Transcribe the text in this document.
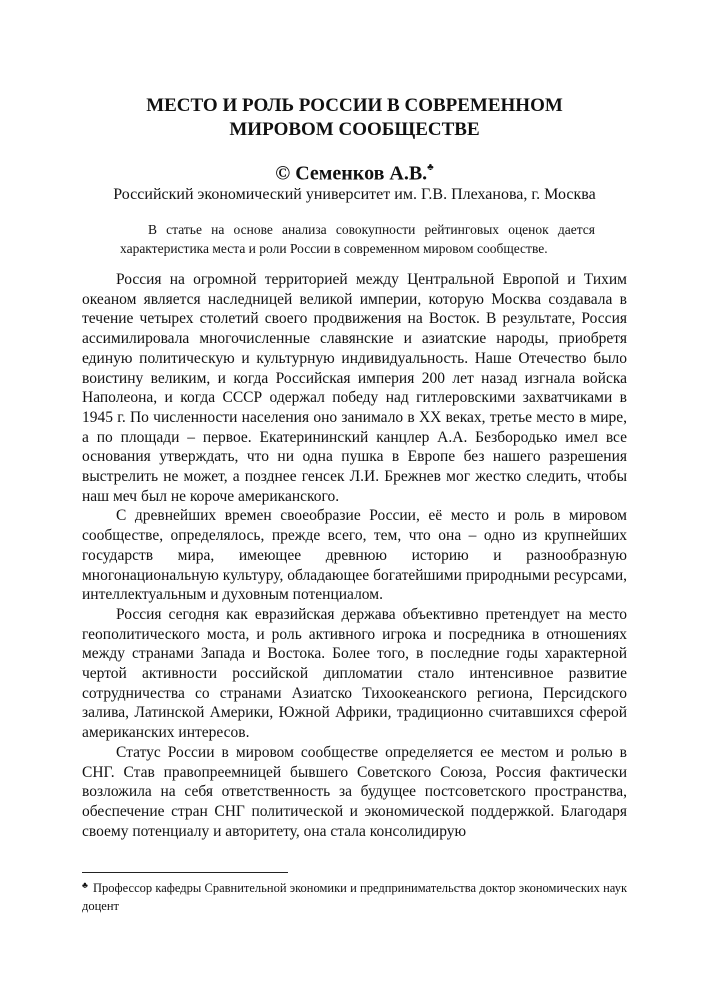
МЕСТО И РОЛЬ РОССИИ В СОВРЕМЕННОМ
МИРОВОМ СООБЩЕСТВЕ
© Семенков А.В.♣
Российский экономический университет им. Г.В. Плеханова, г. Москва
В статье на основе анализа совокупности рейтинговых оценок дается характеристика места и роли России в современном мировом сообществе.

Россия на огромной территорией между Центральной Европой и Тихим океаном является наследницей великой империи, которую Москва создавала в течение четырех столетий своего продвижения на Восток. В результате, Россия ассимилировала многочисленные славянские и азиатские народы, приобретя единую политическую и культурную индивидуальность. Наше Отечество было воистину великим, и когда Российская империя 200 лет назад изгнала войска Наполеона, и когда СССР одержал победу над гитлеровскими захватчиками в 1945 г. По численности населения оно занимало в XX веках, третье место в мире, а по площади – первое. Екатерининский канцлер А.А. Безбородько имел все основания утверждать, что ни одна пушка в Европе без нашего разрешения выстрелить не может, а позднее генсек Л.И. Брежнев мог жестко следить, чтобы наш меч был не короче американского.

С древнейших времен своеобразие России, её место и роль в мировом сообществе, определялось, прежде всего, тем, что она – одно из крупнейших государств мира, имеющее древнюю историю и разнообразную многонациональную культуру, обладающее богатейшими природными ресурсами, интеллектуальным и духовным потенциалом.

Россия сегодня как евразийская держава объективно претендует на место геополитического моста, и роль активного игрока и посредника в отношениях между странами Запада и Востока. Более того, в последние годы характерной чертой активности российской дипломатии стало интенсивное развитие сотрудничества со странами Азиатско Тихоокеанского региона, Персидского залива, Латинской Америки, Южной Африки, традиционно считавшихся сферой американских интересов.

Статус России в мировом сообществе определяется ее местом и ролью в СНГ. Став правопреемницей бывшего Советского Союза, Россия фактически возложила на себя ответственность за будущее постсоветского пространства, обеспечение стран СНГ политической и экономической поддержкой. Благодаря своему потенциалу и авторитету, она стала консолидирую

♣ Профессор кафедры Сравнительной экономики и предпринимательства доктор экономических наук доцент
